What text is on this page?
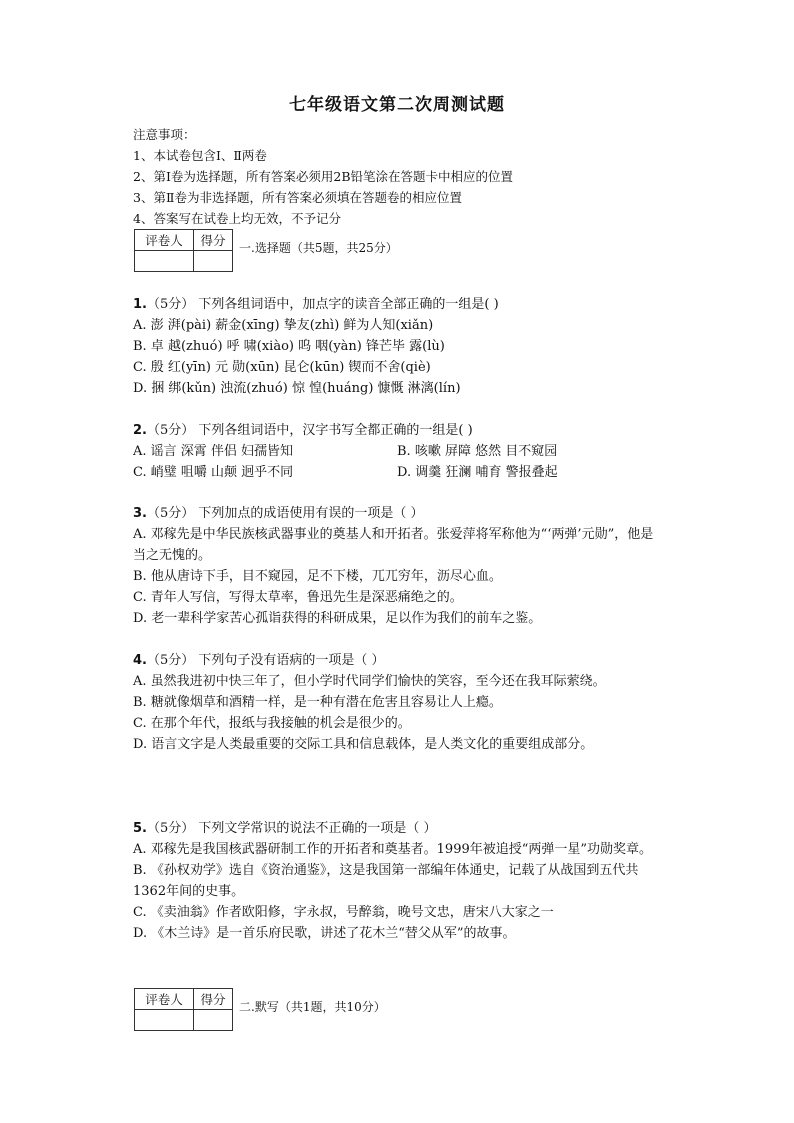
七年级语文第二次周测试题
注意事项：
1、本试卷包含Ⅰ、Ⅱ两卷
2、第Ⅰ卷为选择题，所有答案必须用2B铅笔涂在答题卡中相应的位置
3、第Ⅱ卷为非选择题，所有答案必须填在答题卷的相应位置
4、答案写在试卷上均无效，不予记分
评卷人	得分
	一.选择题（共5题，共25分）
1.（5分） 下列各组词语中，加点字的读音全部正确的一组是( )
A. 澎 湃(pài) 薪金(xīng) 挚友(zhì) 鲜为人知(xiǎn)
B. 卓 越(zhuó) 呼 啸(xiào) 呜 咽(yàn) 锋芒毕 露(lù)
C. 殷 红(yīn) 元 勋(xūn) 昆仑(kūn) 锲而不舍(qiè)
D. 捆 绑(kǔn) 浊流(zhuó) 惊 惶(huáng) 慷慨 淋漓(lín)
2.（5分） 下列各组词语中，汉字书写全都正确的一组是( )
A. 谣言 深霄 伴侣 妇孺皆知	B. 咳嗽 屏障 悠然 目不窥园
C. 峭璧 咀嚼 山颠 迥乎不同	D. 调羹 狂澜 哺育 警报叠起
3.（5分） 下列加点的成语使用有误的一项是（ ）
A. 邓稼先是中华民族核武器事业的奠基人和开拓者。张爱萍将军称他为“‘两弹’元勋”，他是当之无愧的。
B. 他从唐诗下手，目不窥园，足不下楼，兀兀穷年，沥尽心血。
C. 青年人写信，写得太草率，鲁迅先生是深恶痛绝之的。
D. 老一辈科学家苦心孤诣获得的科研成果，足以作为我们的前车之鉴。
4.（5分） 下列句子没有语病的一项是（ ）
A. 虽然我进初中快三年了，但小学时代同学们愉快的笑容，至今还在我耳际萦绕。
B. 糖就像烟草和酒精一样，是一种有潜在危害且容易让人上瘾。
C. 在那个年代，报纸与我接触的机会是很少的。
D. 语言文字是人类最重要的交际工具和信息载体，是人类文化的重要组成部分。
5.（5分） 下列文学常识的说法不正确的一项是（ ）
A. 邓稼先是我国核武器研制工作的开拓者和奠基者。1999年被追授“两弹一星”功勋奖章。
B. 《孙权劝学》选自《资治通鉴》，这是我国第一部编年体通史，记载了从战国到五代共1362年间的史事。
C. 《卖油翁》作者欧阳修，字永叔，号醉翁，晚号文忠，唐宋八大家之一
D. 《木兰诗》是一首乐府民歌，讲述了花木兰“替父从军”的故事。
评卷人	得分
	二.默写（共1题，共10分）
